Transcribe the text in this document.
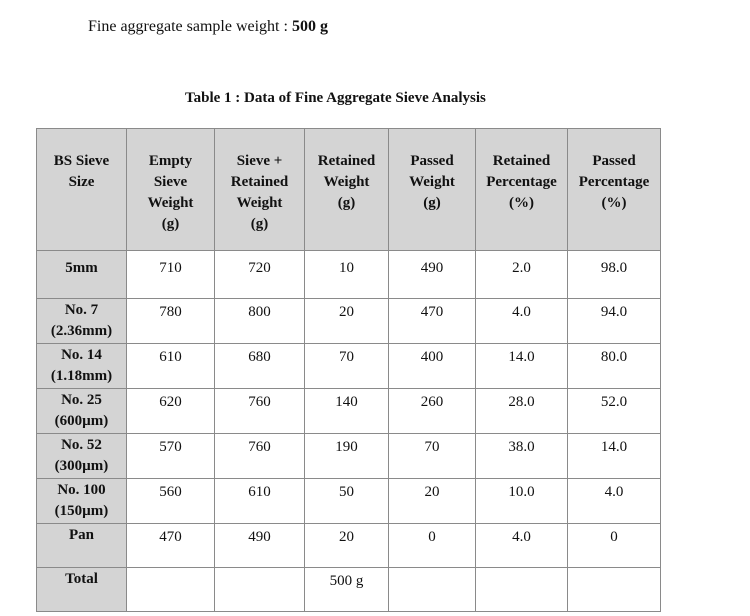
Fine aggregate sample weight : 500 g
Table 1 : Data of Fine Aggregate Sieve Analysis
BS Sieve
Size	Empty
Sieve
Weight
(g)	Sieve +
Retained
Weight
(g)	Retained
Weight
(g)	Passed
Weight
(g)	Retained
Percentage
(%)	Passed
Percentage
(%)

5mm	710	720	10	490	2.0	98.0

No. 7
(2.36mm)	780	800	20	470	4.0	94.0

No. 14
(1.18mm)	610	680	70	400	14.0	80.0

No. 25
(600µm)	620	760	140	260	28.0	52.0

No. 52
(300µm)	570	760	190	70	38.0	14.0

No. 100
(150µm)	560	610	50	20	10.0	4.0

Pan	470	490	20	0	4.0	0
Total			500 g			
